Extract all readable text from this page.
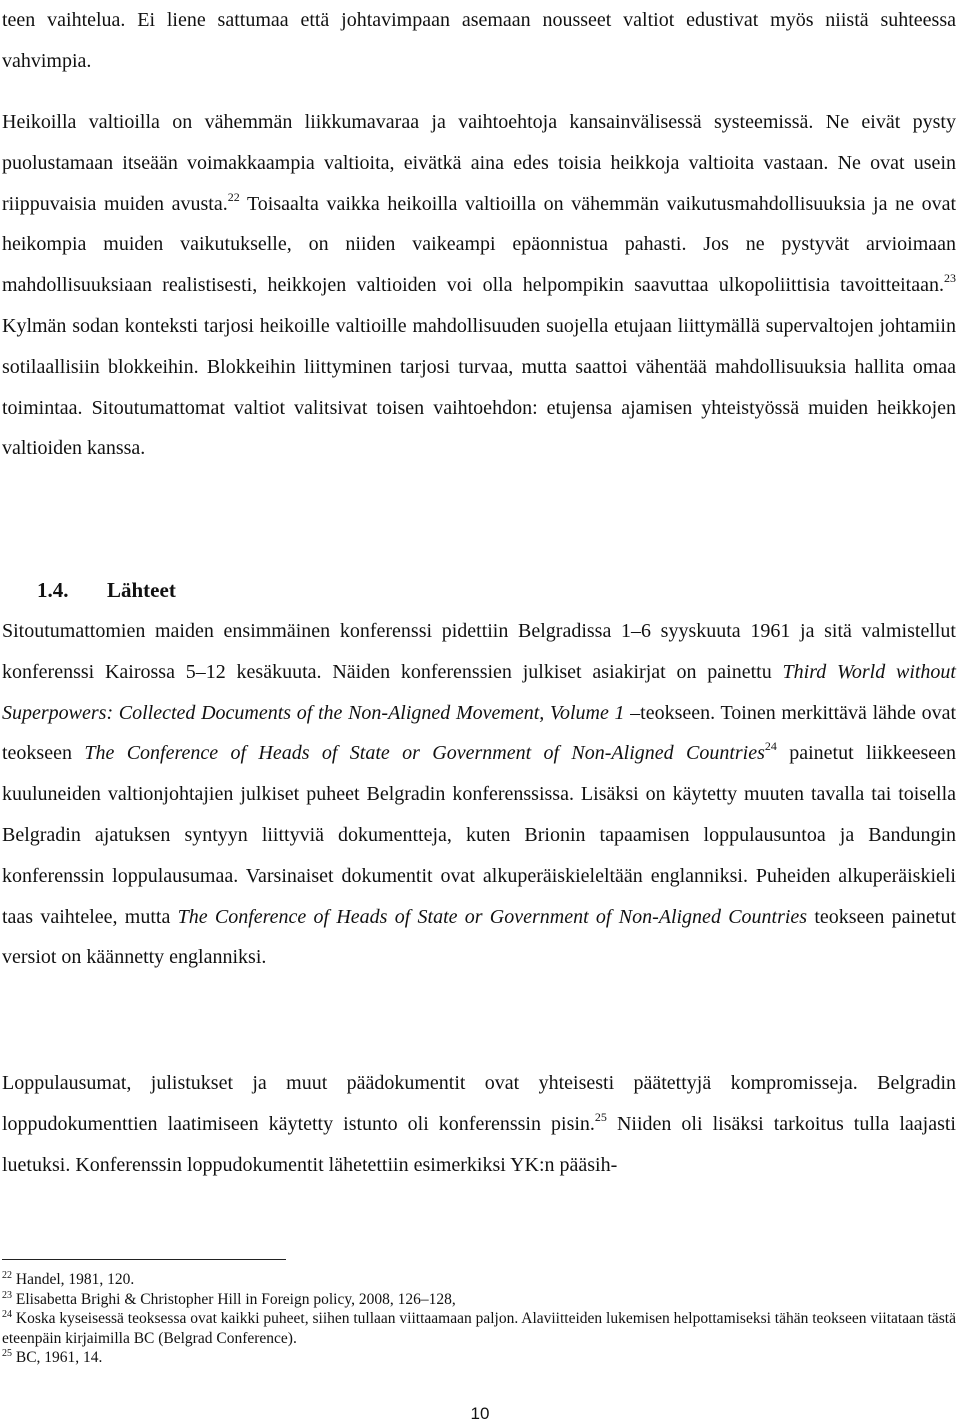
teen vaihtelua. Ei liene sattumaa että johtavimpaan asemaan nousseet valtiot edustivat myös niistä suhteessa vahvimpia.

Heikoilla valtioilla on vähemmän liikkumavaraa ja vaihtoehtoja kansainvälisessä systeemissä. Ne eivät pysty puolustamaan itseään voimakkaampia valtioita, eivätkä aina edes toisia heikkoja valtioita vastaan. Ne ovat usein riippuvaisia muiden avusta.$^{22}$ Toisaalta vaikka heikoilla valtioilla on vähemmän vaikutusmahdollisuuksia ja ne ovat heikompia muiden vaikutukselle, on niiden vaikeampi epäonnistua pahasti. Jos ne pystyvät arvioimaan mahdollisuuksiaan realistisesti, heikkojen valtioiden voi olla helpompikin saavuttaa ulkopoliittisia tavoitteitaan.$^{23}$ Kylmän sodan konteksti tarjosi heikoille valtioille mahdollisuuden suojella etujaan liittymällä supervaltojen johtamiin sotilaallisiin blokkeihin. Blokkeihin liittyminen tarjosi turvaa, mutta saattoi vähentää mahdollisuuksia hallita omaa toimintaa. Sitoutumattomat valtiot valitsivat toisen vaihtoehdon: etujensa ajamisen yhteistyössä muiden heikkojen valtioiden kanssa.

1.4. Lähteet

Sitoutumattomien maiden ensimmäinen konferenssi pidettiin Belgradissa 1–6 syyskuuta 1961 ja sitä valmistellut konferenssi Kairossa 5–12 kesäkuuta. Näiden konferenssien julkiset asiakirjat on painettu Third World without Superpowers: Collected Documents of the Non-Aligned Movement, Volume 1 –teokseen. Toinen merkittävä lähde ovat teokseen The Conference of Heads of State or Government of Non-Aligned Countries$^{24}$ painetut liikkeeseen kuuluneiden valtionjohtajien julkiset puheet Belgradin konferenssissa. Lisäksi on käytetty muuten tavalla tai toisella Belgradin ajatuksen syntyyn liittyviä dokumentteja, kuten Brionin tapaamisen loppulausuntoa ja Bandungin konferenssin loppulausumaa. Varsinaiset dokumentit ovat alkuperäiskieleltään englanniksi. Puheiden alkuperäiskieli taas vaihtelee, mutta The Conference of Heads of State or Government of Non-Aligned Countries teokseen painetut versiot on käännetty englanniksi.

Loppulausumat, julistukset ja muut päädokumentit ovat yhteisesti päätettyjä kompromisseja. Belgradin loppudokumenttien laatimiseen käytetty istunto oli konferenssin pisin.$^{25}$ Niiden oli lisäksi tarkoitus tulla laajasti luetuksi. Konferenssin loppudokumentit lähetettiin esimerkiksi YK:n pääsih-

$^{22}$ Handel, 1981, 120.

$^{23}$ Elisabetta Brighi & Christopher Hill in Foreign policy, 2008, 126–128,

$^{24}$ Koska kyseisessä teoksessa ovat kaikki puheet, siihen tullaan viittaamaan paljon. Alaviitteiden lukemisen helpottamiseksi tähän teokseen viitataan tästä eteenpäin kirjaimilla BC (Belgrad Conference).

$^{25}$ BC, 1961, 14.

10
